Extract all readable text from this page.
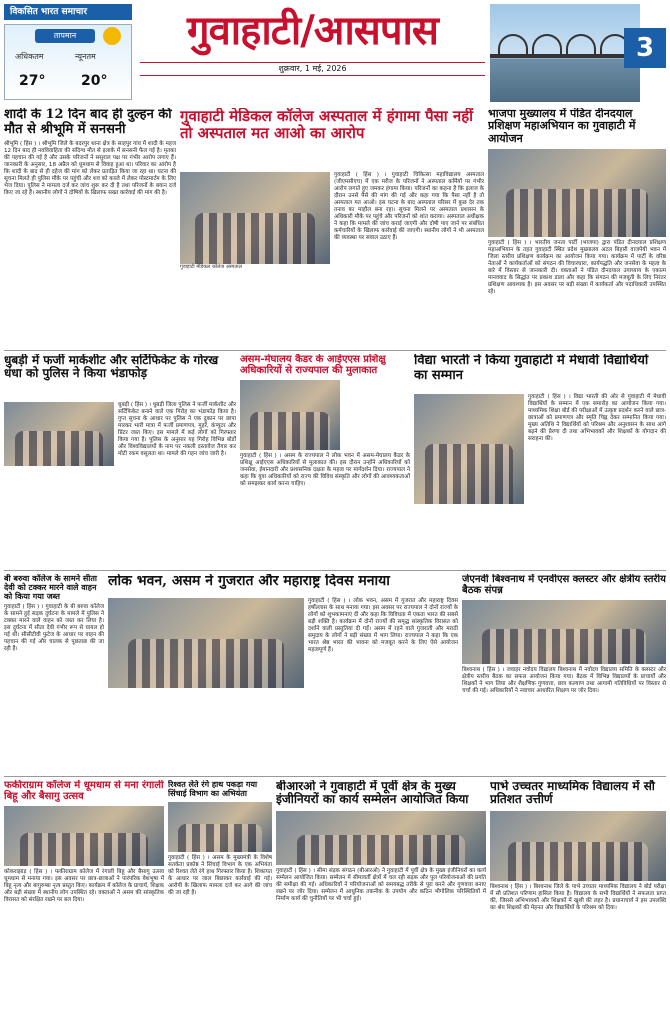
विकसित भारत समाचार
तापमान
अधिकतम	न्यूनतम
27°	20°
गुवाहाटी/आसपास
शुक्रवार, 1 मई, 2026
3
शादी के 12 दिन बाद ही दुल्हन की मौत से श्रीभूमि में सनसनी
श्रीभूमि ( हिंस ) । श्रीभूमि जिले के बदरपुर थाना क्षेत्र के साहपुर गांव में शादी के महज 12 दिन बाद ही नवविवाहिता की संदिग्ध मौत से इलाके में सनसनी फैल गई है। मृतका की पहचान की गई है और उसके परिजनों ने ससुराल पक्ष पर गंभीर आरोप लगाए हैं। जानकारी के अनुसार, 18 अप्रैल को धूमधाम से विवाह हुआ था। परिवार का आरोप है कि शादी के बाद से ही दहेज की मांग को लेकर प्रताड़ित किया जा रहा था। घटना की सूचना मिलते ही पुलिस मौके पर पहुंची और शव को कब्जे में लेकर पोस्टमार्टम के लिए भेज दिया। पुलिस ने मामला दर्ज कर जांच शुरू कर दी है तथा परिजनों के बयान दर्ज किए जा रहे हैं। स्थानीय लोगों ने दोषियों के खिलाफ सख्त कार्रवाई की मांग की है।
गुवाहाटी मेडिकल कॉलेज अस्पताल में हंगामा पैसा नहीं तो अस्पताल मत आओ का आरोप
गुवाहाटी मेडिकल कॉलेज अस्पताल
गुवाहाटी ( हिंस ) । गुवाहाटी चिकित्सा महाविद्यालय अस्पताल (जीएमसीएच) में एक मरीज के परिजनों ने अस्पताल कर्मियों पर गंभीर आरोप लगाते हुए जमकर हंगामा किया। परिजनों का कहना है कि इलाज के दौरान उनसे पैसे की मांग की गई और कहा गया कि पैसा नहीं है तो अस्पताल मत आओ। इस घटना के बाद अस्पताल परिसर में कुछ देर तक तनाव का माहौल बना रहा। सूचना मिलने पर अस्पताल प्रशासन के अधिकारी मौके पर पहुंचे और परिजनों को शांत कराया। अस्पताल अधीक्षक ने कहा कि मामले की जांच कराई जाएगी और दोषी पाए जाने पर संबंधित कर्मचारियों के खिलाफ कार्रवाई की जाएगी। स्थानीय लोगों ने भी अस्पताल की व्यवस्था पर सवाल उठाए हैं।
भाजपा मुख्यालय में पंडित दीनदयाल प्रशिक्षण महाअभियान का गुवाहाटी में आयोजन
गुवाहाटी ( हिंस ) । भारतीय जनता पार्टी (भाजपा) द्वारा पंडित दीनदयाल प्रशिक्षण महाअभियान के तहत गुवाहाटी स्थित प्रदेश मुख्यालय अटल बिहारी वाजपेयी भवन में जिला स्तरीय प्रशिक्षण कार्यक्रम का आयोजन किया गया। कार्यक्रम में पार्टी के वरिष्ठ नेताओं ने कार्यकर्ताओं को संगठन की विचारधारा, कार्यपद्धति और जनसेवा के महत्व के बारे में विस्तार से जानकारी दी। वक्ताओं ने पंडित दीनदयाल उपाध्याय के एकात्म मानववाद के सिद्धांत पर प्रकाश डाला और कहा कि संगठन की मजबूती के लिए निरंतर प्रशिक्षण आवश्यक है। इस अवसर पर बड़ी संख्या में कार्यकर्ता और पदाधिकारी उपस्थित रहे।
धुबड़ी में फर्जी मार्कशीट और सर्टिफिकेट के गोरख धंधा को पुलिस ने किया भंडाफोड़
धुबड़ी ( हिंस ) । धुबड़ी जिला पुलिस ने फर्जी मार्कशीट और सर्टिफिकेट बनाने वाले एक गिरोह का भंडाफोड़ किया है। गुप्त सूचना के आधार पर पुलिस ने एक दुकान पर छापा मारकर भारी मात्रा में फर्जी प्रमाणपत्र, मुहरें, कंप्यूटर और प्रिंटर जब्त किए। इस मामले में कई लोगों को गिरफ्तार किया गया है। पुलिस के अनुसार यह गिरोह विभिन्न बोर्डों और विश्वविद्यालयों के नाम पर नकली दस्तावेज तैयार कर मोटी रकम वसूलता था। मामले की गहन जांच जारी है।
असम-मेघालय कैडर के आईएएस प्रशिक्षु अधिकारियों से राज्यपाल की मुलाकात
गुवाहाटी ( हिंस ) । असम के राज्यपाल ने लोक भवन में असम-मेघालय कैडर के प्रशिक्षु आईएएस अधिकारियों से मुलाकात की। इस दौरान उन्होंने अधिकारियों को जनसेवा, ईमानदारी और प्रशासनिक दक्षता के महत्व पर मार्गदर्शन दिया। राज्यपाल ने कहा कि युवा अधिकारियों को राज्य की विविध संस्कृति और लोगों की आवश्यकताओं को समझकर कार्य करना चाहिए।
विद्या भारती ने किया गुवाहाटी में मेधावी विद्यार्थियों का सम्मान
गुवाहाटी ( हिंस ) । विद्या भारती की ओर से गुवाहाटी में मेधावी विद्यार्थियों के सम्मान में एक समारोह का आयोजन किया गया। माध्यमिक शिक्षा बोर्ड की परीक्षाओं में उत्कृष्ट प्रदर्शन करने वाले छात्र-छात्राओं को प्रमाणपत्र और स्मृति चिह्न देकर सम्मानित किया गया। मुख्य अतिथि ने विद्यार्थियों को परिश्रम और अनुशासन के साथ आगे बढ़ने की प्रेरणा दी तथा अभिभावकों और शिक्षकों के योगदान की सराहना की।
बी बरुवा कॉलेज के सामने सीता देवी को टक्कर मारने वाले वाहन को किया गया जब्त
गुवाहाटी ( हिंस ) । गुवाहाटी के बी बरुवा कॉलेज के सामने हुई सड़क दुर्घटना के मामले में पुलिस ने टक्कर मारने वाले वाहन को जब्त कर लिया है। इस दुर्घटना में सीता देवी गंभीर रूप से घायल हो गई थीं। सीसीटीवी फुटेज के आधार पर वाहन की पहचान की गई और चालक से पूछताछ की जा रही है।
लोक भवन, असम ने गुजरात और महाराष्ट्र दिवस मनाया
गुवाहाटी ( हिंस ) । लोक भवन, असम में गुजरात और महाराष्ट्र दिवस हर्षोल्लास के साथ मनाया गया। इस अवसर पर राज्यपाल ने दोनों राज्यों के लोगों को शुभकामनाएं दीं और कहा कि विविधता में एकता भारत की सबसे बड़ी शक्ति है। कार्यक्रम में दोनों राज्यों की समृद्ध सांस्कृतिक विरासत को दर्शाने वाली प्रस्तुतियां दी गईं। असम में रहने वाले गुजराती और मराठी समुदाय के लोगों ने बड़ी संख्या में भाग लिया। राज्यपाल ने कहा कि एक भारत श्रेष्ठ भारत की भावना को मजबूत करने के लिए ऐसे आयोजन महत्वपूर्ण हैं।
जेएनवी बिश्वनाथ में एनवीएस क्लस्टर और क्षेत्रीय स्तरीय बैठक संपन्न
बिश्वनाथ ( हिंस ) । जवाहर नवोदय विद्यालय बिश्वनाथ में नवोदय विद्यालय समिति के क्लस्टर और क्षेत्रीय स्तरीय बैठक का सफल आयोजन किया गया। बैठक में विभिन्न विद्यालयों के प्राचार्यों और शिक्षकों ने भाग लिया और शैक्षणिक गुणवत्ता, छात्र कल्याण तथा आगामी गतिविधियों पर विस्तार से चर्चा की गई। अधिकारियों ने नवाचार आधारित शिक्षण पर जोर दिया।
फकीराग्राम कॉलेज में धूमधाम से मना रंगाली बिहू और बैसागु उत्सव
कोकराझाड़ ( हिंस ) । फकीराग्राम कॉलेज में रंगाली बिहू और बैसागु उत्सव धूमधाम से मनाया गया। इस अवसर पर छात्र-छात्राओं ने पारंपरिक वेशभूषा में बिहू नृत्य और बागुरुम्बा नृत्य प्रस्तुत किए। कार्यक्रम में कॉलेज के प्राचार्य, शिक्षक और बड़ी संख्या में स्थानीय लोग उपस्थित रहे। वक्ताओं ने असम की सांस्कृतिक विरासत को संरक्षित रखने पर बल दिया।
रिश्वत लेते रंगे हाथ पकड़ा गया सिंचाई विभाग का अभियंता
गुवाहाटी ( हिंस ) । असम के मुख्यमंत्री के विशेष सतर्कता प्रकोष्ठ ने सिंचाई विभाग के एक अभियंता को रिश्वत लेते रंगे हाथ गिरफ्तार किया है। शिकायत के आधार पर जाल बिछाकर कार्रवाई की गई। आरोपी के खिलाफ मामला दर्ज कर आगे की जांच की जा रही है।
बीआरओ ने गुवाहाटी में पूर्वी क्षेत्र के मुख्य इंजीनियरों का कार्य सम्मेलन आयोजित किया
गुवाहाटी ( हिंस ) । सीमा सड़क संगठन (बीआरओ) ने गुवाहाटी में पूर्वी क्षेत्र के मुख्य इंजीनियरों का कार्य सम्मेलन आयोजित किया। सम्मेलन में सीमावर्ती क्षेत्रों में चल रही सड़क और पुल परियोजनाओं की प्रगति की समीक्षा की गई। अधिकारियों ने परियोजनाओं को समयबद्ध तरीके से पूरा करने और गुणवत्ता बनाए रखने पर जोर दिया। सम्मेलन में आधुनिक तकनीक के उपयोग और कठिन भौगोलिक परिस्थितियों में निर्माण कार्य की चुनौतियों पर भी चर्चा हुई।
पाभे उच्चतर माध्यमिक विद्यालय में सौ प्रतिशत उत्तीर्ण
बिश्वनाथ ( हिंस ) । बिश्वनाथ जिले के पाभे उच्चतर माध्यमिक विद्यालय ने बोर्ड परीक्षा में सौ प्रतिशत परिणाम हासिल किया है। विद्यालय के सभी विद्यार्थियों ने सफलता प्राप्त की, जिससे अभिभावकों और शिक्षकों में खुशी की लहर है। प्रधानाचार्य ने इस उपलब्धि का श्रेय शिक्षकों की मेहनत और विद्यार्थियों के परिश्रम को दिया।
